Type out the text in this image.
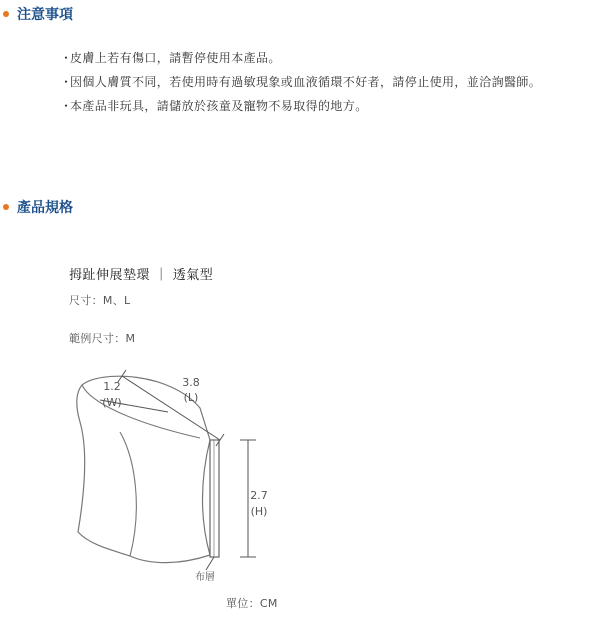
注意事項
・
皮膚上若有傷口，請暫停使用本產品。
・
因個人膚質不同，若使用時有過敏現象或血液循環不好者，請停止使用，並洽詢醫師。
・
本產品非玩具，請儲放於孩童及寵物不易取得的地方。
產品規格
拇趾伸展墊環 ｜ 透氣型
尺寸：M、L
範例尺寸：M
1.2
(W)
3.8
(L)
2.7
(H)
布層
單位：CM
